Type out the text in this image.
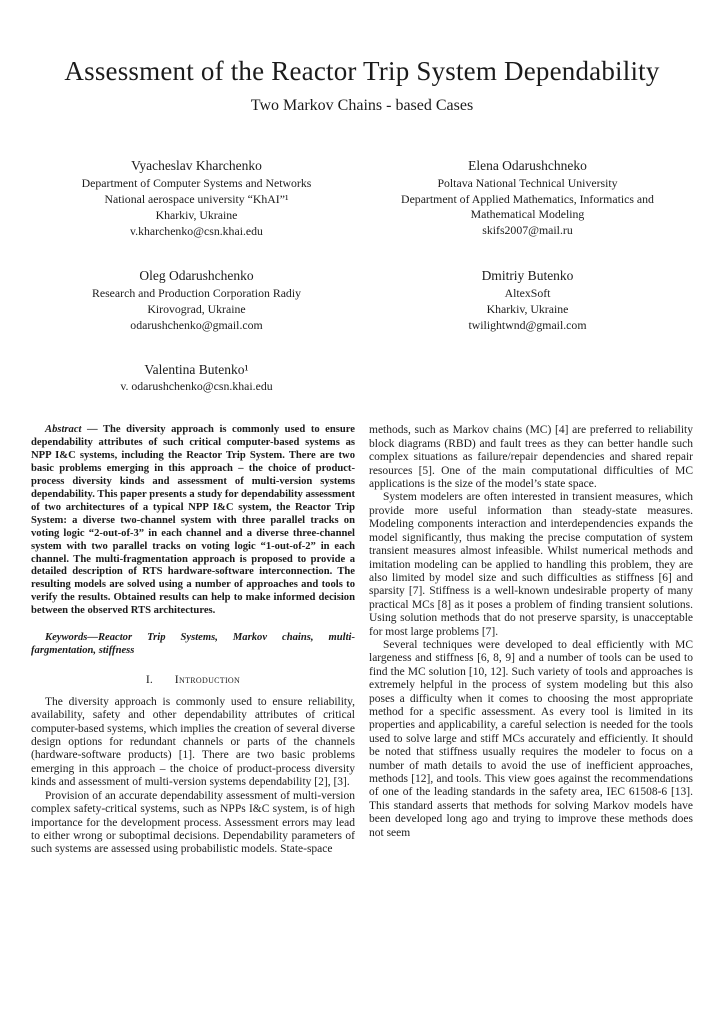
Assessment of the Reactor Trip System Dependability
Two Markov Chains - based Cases
Vyacheslav Kharchenko
Department of Computer Systems and Networks
National aerospace university “KhAI”¹
Kharkiv, Ukraine
v.kharchenko@csn.khai.edu
Elena Odarushchneko
Poltava National Technical University
Department of Applied Mathematics, Informatics and Mathematical Modeling
skifs2007@mail.ru
Oleg Odarushchenko
Research and Production Corporation Radiy
Kirovograd, Ukraine
odarushchenko@gmail.com
Dmitriy Butenko
AltexSoft
Kharkiv, Ukraine
twilightwnd@gmail.com
Valentina Butenko¹
v. odarushchenko@csn.khai.edu

Abstract — The diversity approach is commonly used to ensure dependability attributes of such critical computer-based systems as NPP I&C systems, including the Reactor Trip System. There are two basic problems emerging in this approach – the choice of product-process diversity kinds and assessment of multi-version systems dependability. This paper presents a study for dependability assessment of two architectures of a typical NPP I&C system, the Reactor Trip System: a diverse two-channel system with three parallel tracks on voting logic “2-out-of-3” in each channel and a diverse three-channel system with two parallel tracks on voting logic “1-out-of-2” in each channel. The multi-fragmentation approach is proposed to provide a detailed description of RTS hardware-software interconnection. The resulting models are solved using a number of approaches and tools to verify the results. Obtained results can help to make informed decision between the observed RTS architectures.

Keywords—Reactor Trip Systems, Markov chains, multi-fargmentation, stiffness

I. Introduction

The diversity approach is commonly used to ensure reliability, availability, safety and other dependability attributes of critical computer-based systems, which implies the creation of several diverse design options for redundant channels or parts of the channels (hardware-software products) [1]. There are two basic problems emerging in this approach – the choice of product-process diversity kinds and assessment of multi-version systems dependability [2], [3].

Provision of an accurate dependability assessment of multi-version complex safety-critical systems, such as NPPs I&C system, is of high importance for the development process. Assessment errors may lead to either wrong or suboptimal decisions. Dependability parameters of such systems are assessed using probabilistic models. State-space

methods, such as Markov chains (MC) [4] are preferred to reliability block diagrams (RBD) and fault trees as they can better handle such complex situations as failure/repair dependencies and shared repair resources [5]. One of the main computational difficulties of MC applications is the size of the model’s state space.

System modelers are often interested in transient measures, which provide more useful information than steady-state measures. Modeling components interaction and interdependencies expands the model significantly, thus making the precise computation of system transient measures almost infeasible. Whilst numerical methods and imitation modeling can be applied to handling this problem, they are also limited by model size and such difficulties as stiffness [6] and sparsity [7]. Stiffness is a well-known undesirable property of many practical MCs [8] as it poses a problem of finding transient solutions. Using solution methods that do not preserve sparsity, is unacceptable for most large problems [7].

Several techniques were developed to deal efficiently with MC largeness and stiffness [6, 8, 9] and a number of tools can be used to find the MC solution [10, 12]. Such variety of tools and approaches is extremely helpful in the process of system modeling but this also poses a difficulty when it comes to choosing the most appropriate method for a specific assessment. As every tool is limited in its properties and applicability, a careful selection is needed for the tools used to solve large and stiff MCs accurately and efficiently. It should be noted that stiffness usually requires the modeler to focus on a number of math details to avoid the use of inefficient approaches, methods [12], and tools. This view goes against the recommendations of one of the leading standards in the safety area, IEC 61508-6 [13]. This standard asserts that methods for solving Markov models have been developed long ago and trying to improve these methods does not seem
